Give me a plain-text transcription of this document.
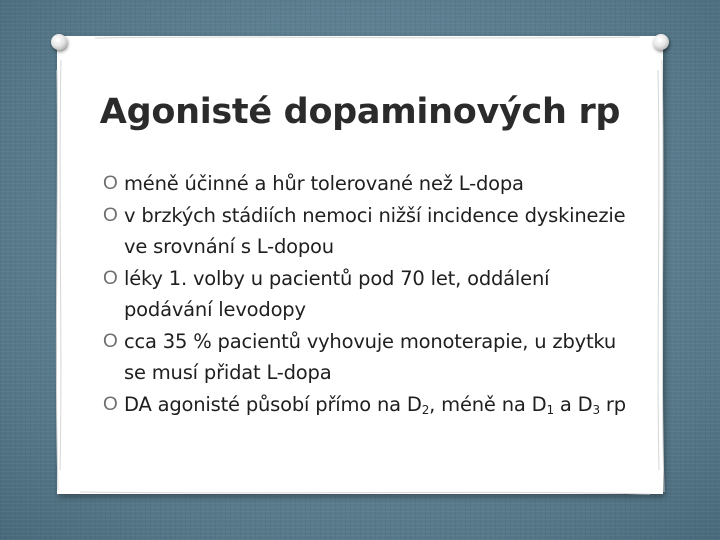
Agonisté dopaminových rp
O méně účinné a hůr tolerované než L-dopa
O v brzkých stádiích nemoci nižší incidence dyskinezie
ve srovnání s L-dopou
O léky 1. volby u pacientů pod 70 let, oddálení
podávání levodopy
O cca 35 % pacientů vyhovuje monoterapie, u zbytku
se musí přidat L-dopa
O DA agonisté působí přímo na $D_2$, méně na $D_1$ a $D_3$ rp
